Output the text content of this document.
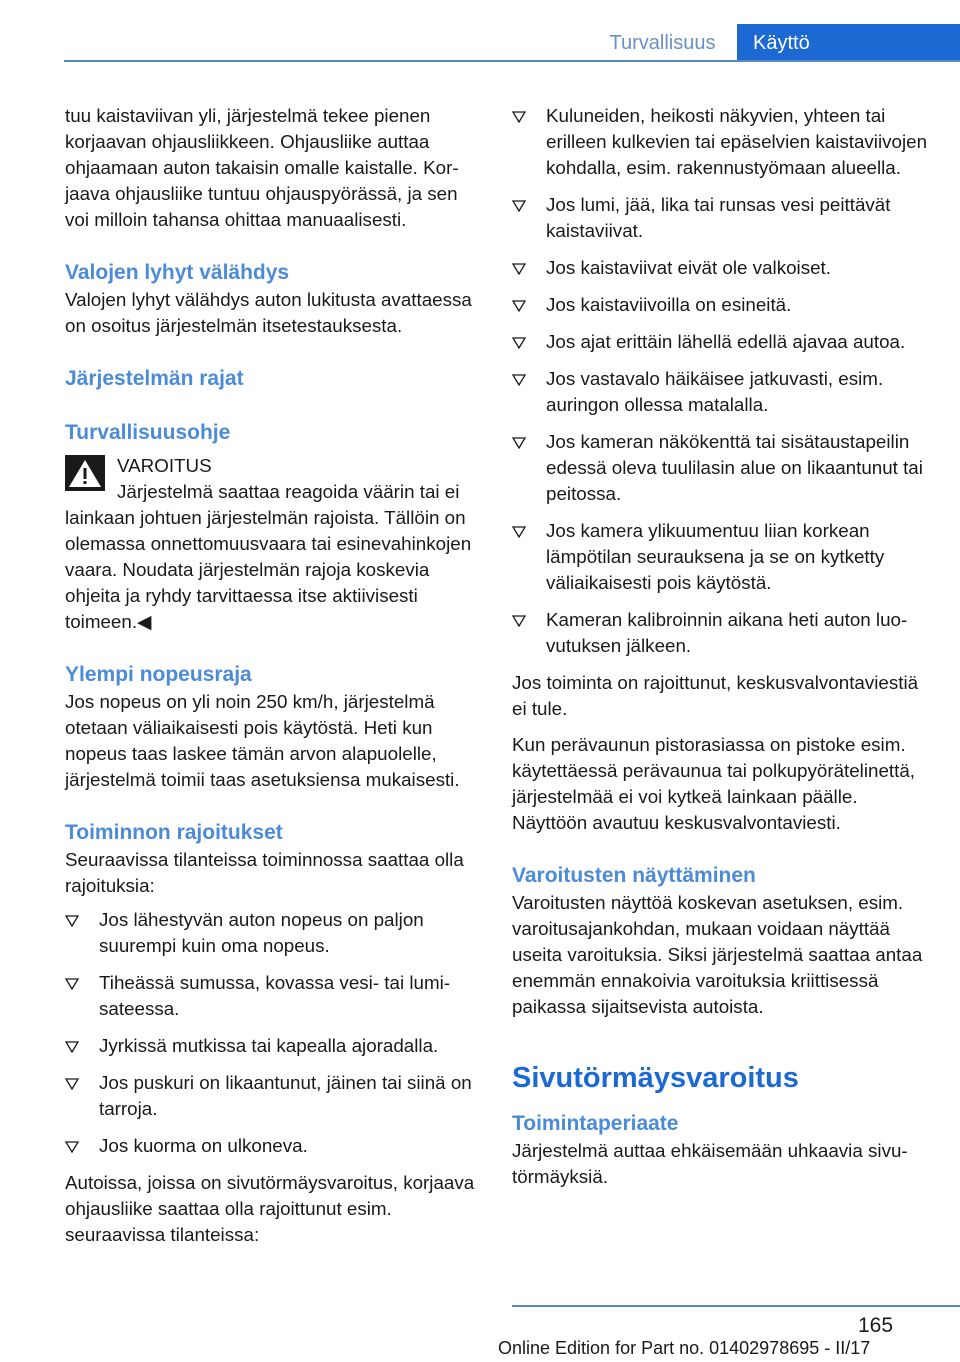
Turvallisuus	Käyttö

tuu kaistaviivan yli, järjestelmä tekee pienen korjaavan ohjausliikkeen. Ohjausliike auttaa ohjaamaan auton takaisin omalle kaistalle. Korjaava ohjausliike tuntuu ohjauspyörässä, ja sen voi milloin tahansa ohittaa manuaalisesti.

Valojen lyhyt välähdys

Valojen lyhyt välähdys auton lukitusta avattaessa on osoitus järjestelmän itsetestauksesta.

Järjestelmän rajat
Turvallisuusohje
VAROITUS
Järjestelmä saattaa reagoida väärin tai ei
lainkaan johtuen järjestelmän rajoista. Tällöin on olemassa onnettomuusvaara tai esinevahinkojen vaara. Noudata järjestelmän rajoja koskevia ohjeita ja ryhdy tarvittaessa itse aktiivisesti toimeen.◀
Ylempi nopeusraja

Jos nopeus on yli noin 250 km/h, järjestelmä otetaan väliaikaisesti pois käytöstä. Heti kun nopeus taas laskee tämän arvon alapuolelle, järjestelmä toimii taas asetuksiensa mukaisesti.

Toiminnon rajoitukset

Seuraavissa tilanteissa toiminnossa saattaa olla rajoituksia:

Jos lähestyvän auton nopeus on paljon suurempi kuin oma nopeus.
Tiheässä sumussa, kovassa vesi- tai lumisateessa.
Jyrkissä mutkissa tai kapealla ajoradalla.
Jos puskuri on likaantunut, jäinen tai siinä on tarroja.
Jos kuorma on ulkoneva.

Autoissa, joissa on sivutörmäysvaroitus, korjaava ohjausliike saattaa olla rajoittunut esim. seuraavissa tilanteissa:

Kuluneiden, heikosti näkyvien, yhteen tai erilleen kulkevien tai epäselvien kaistaviivojen kohdalla, esim. rakennustyömaan alueella.
Jos lumi, jää, lika tai runsas vesi peittävät kaistaviivat.
Jos kaistaviivat eivät ole valkoiset.
Jos kaistaviivoilla on esineitä.
Jos ajat erittäin lähellä edellä ajavaa autoa.
Jos vastavalo häikäisee jatkuvasti, esim. auringon ollessa matalalla.
Jos kameran näkökenttä tai sisätaustapeilin edessä oleva tuulilasin alue on likaantunut tai peitossa.
Jos kamera ylikuumentuu liian korkean lämpötilan seurauksena ja se on kytketty väliaikaisesti pois käytöstä.
Kameran kalibroinnin aikana heti auton luovutuksen jälkeen.

Jos toiminta on rajoittunut, keskusvalvontaviestiä ei tule.

Kun perävaunun pistorasiassa on pistoke esim. käytettäessä perävaunua tai polkupyörätelinettä, järjestelmää ei voi kytkeä lainkaan päälle. Näyttöön avautuu keskusvalvontaviesti.

Varoitusten näyttäminen

Varoitusten näyttöä koskevan asetuksen, esim. varoitusajankohdan, mukaan voidaan näyttää useita varoituksia. Siksi järjestelmä saattaa antaa enemmän ennakoivia varoituksia kriittisessä paikassa sijaitsevista autoista.

Sivutörmäysvaroitus
Toimintaperiaate

Järjestelmä auttaa ehkäisemään uhkaavia sivutörmäyksiä.

165
Online Edition for Part no. 01402978695 - II/17
